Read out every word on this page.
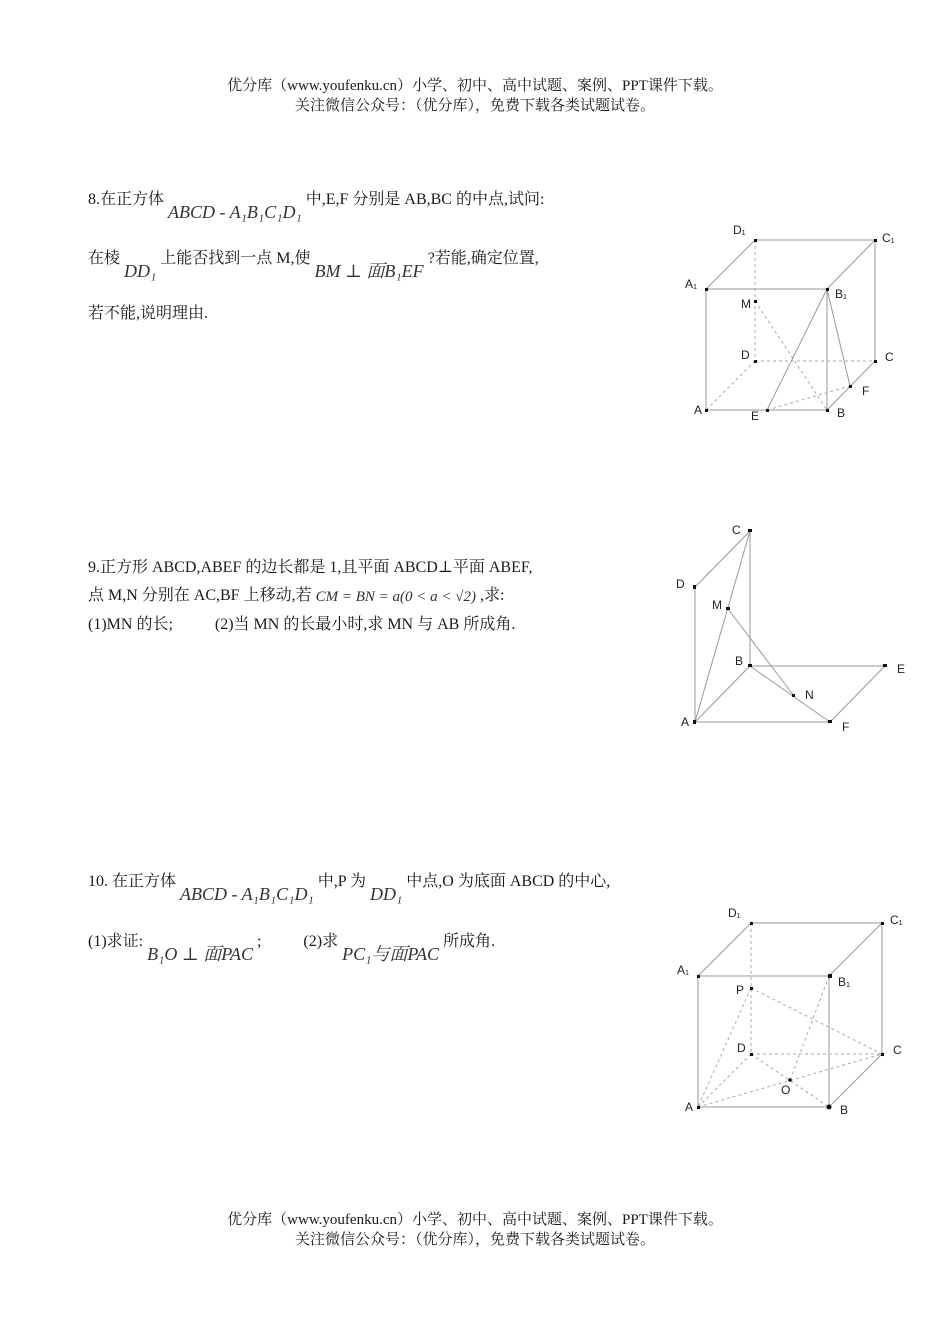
优分库（www.youfenku.cn）小学、初中、高中试题、案例、PPT课件下载。
关注微信公众号：（优分库），免费下载各类试题试卷。
8.在正方体 ABCD - A₁B₁C₁D₁ 中,E,F 分别是 AB,BC 的中点,试问:
在棱 DD₁ 上能否找到一点 M,使 BM ⊥ 面B₁EF ?若能,确定位置,
若不能,说明理由.
D₁
C₁
A₁
B₁
M
D	C
F
A	E	B
9.正方形 ABCD,ABEF 的边长都是 1,且平面 ABCD⊥平面 ABEF,
点 M,N 分别在 AC,BF 上移动,若 CM = BN = a(0 < a < √2) ,求:
(1)MN 的长;	(2)当 MN 的长最小时,求 MN 与 AB 所成角.
C
D
M
B
E
N
A	F
10. 在正方体 ABCD - A₁B₁C₁D₁ 中,P 为 DD₁ 中点,O 为底面 ABCD 的中心,
(1)求证: B₁O ⊥ 面PAC ;	(2)求 PC₁与面PAC 所成角.
D₁	C₁
A₁
B₁
P
D	C
O
A	B
优分库（www.youfenku.cn）小学、初中、高中试题、案例、PPT课件下载。
关注微信公众号：（优分库），免费下载各类试题试卷。
